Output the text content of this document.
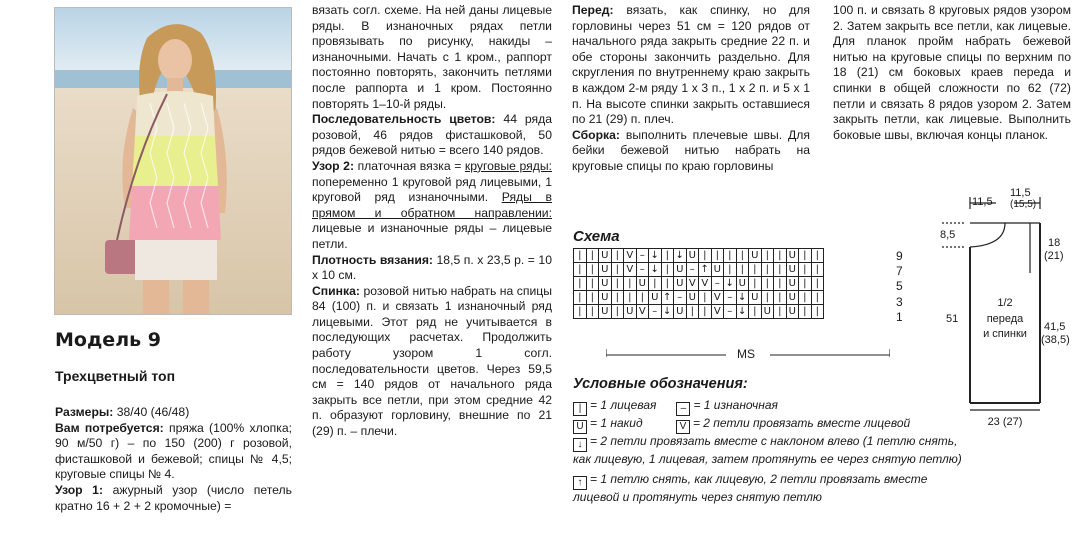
Модель 9
Трехцветный топ

Размеры: 38/40 (46/48)

Вам потребуется: пряжа (100% хлопка; 90 м/50 г) – по 150 (200) г розовой, фисташковой и бежевой; спицы № 4,5; круговые спицы № 4.

Узор 1: ажурный узор (число петель кратно 16 + 2 + 2 кромочные) =

вязать согл. схеме. На ней даны лицевые ряды. В изнаночных рядах петли провязывать по рисунку, накиды – изнаночными. Начать с 1 кром., раппорт постоянно повторять, закончить петлями после раппорта и 1 кром. Постоянно повторять 1–10-й ряды.

Последовательность цветов: 44 ряда розовой, 46 рядов фисташковой, 50 рядов бежевой нитью = всего 140 рядов.

Узор 2: платочная вязка = круговые ряды: попеременно 1 круговой ряд лицевыми, 1 круговой ряд изнаночными. Ряды в прямом и обратном направлении: лицевые и изнаночные ряды – лицевые петли.

Плотность вязания: 18,5 п. х 23,5 р. = 10 х 10 см.

Спинка: розовой нитью набрать на спицы 84 (100) п. и связать 1 изнаночный ряд лицевыми. Этот ряд не учитывается в последующих расчетах. Продолжить работу узором 1 согл. последовательности цветов. Через 59,5 см = 140 рядов от начального ряда закрыть все петли, при этом средние 42 п. образуют горловину, внешние по 21 (29) п. – плечи.

Перед: вязать, как спинку, но для горловины через 51 см = 120 рядов от начального ряда закрыть средние 22 п. и обе стороны закончить раздельно. Для скругления по внутреннему краю закрыть в каждом 2-м ряду 1 х 3 п., 1 х 2 п. и 5 х 1 п. На высоте спинки закрыть оставшиеся по 21 (29) п. плеч.

Сборка: выполнить плечевые швы. Для бейки бежевой нитью набрать на круговые спицы по краю горловины

100 п. и связать 8 круговых рядов узором 2. Затем закрыть все петли, как лицевые. Для планок пройм набрать бежевой нитью на круговые спицы по верхним по 18 (21) см боковых краев переда и спинки в общей сложности по 62 (72) петли и связать 8 рядов узором 2. Затем закрыть петли, как лицевые. Выполнить боковые швы, включая концы планок.

Схема
|	|	U	|	V	–	↓	|	↓	U	|	|	|	|	U	|	|	U	|	|
|	|	U	|	V	–	↓	|	U	–	↑	U	|	|	|	|	|	U	|	|
|	|	U	|	|	U	|	|	U	V	V	–	↓	U	|	|	|	U	|	|
|	|	U	|	|	|	U	↑	–	U	|	V	–	↓	U	|	|	U	|	|
|	|	U	|	U	V	–	↓	U	|	|	V	–	↓	|	U	|	U	|	|
9
7
5
3
1
MS
Условные обозначения:
| = 1 лицевая – = 1 изнаночная
U = 1 накид	V = 2 петли провязать вместе лицевой
↓ = 2 петли провязать вместе с наклоном влево (1 петлю снять, как лицевую, 1 лицевая, затем протянуть ее через снятую петлю)
↑ = 1 петлю снять, как лицевую, 2 петли провязать вместе лицевой и протянуть через снятую петлю
11,5
11,5
(15,5)
8,5
18
(21)
51
41,5
(38,5)
1/2
переда
и спинки
23 (27)
